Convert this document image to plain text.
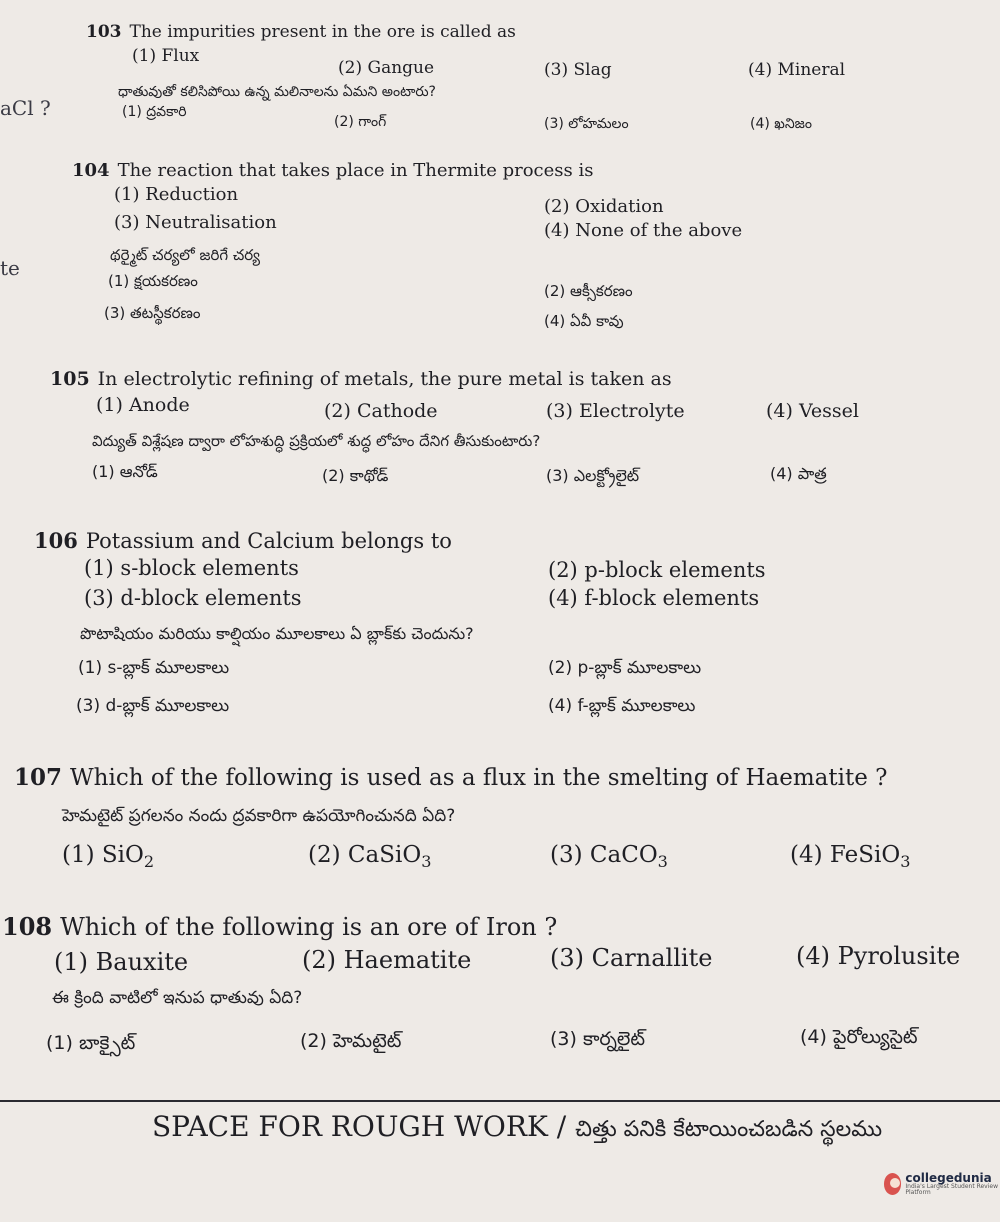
aCl ?
te
103 The impurities present in the ore is called as
(1) Flux
(2) Gangue	(3) Slag	(4) Mineral
ధాతువుతో కలిసిపోయి ఉన్న మలినాలను ఏమని అంటారు?
(1) ద్రవకారి
(2) గాంగ్	(3) లోహమలం	(4) ఖనిజం
104 The reaction that takes place in Thermite process is
(1) Reduction
(2) Oxidation
(3) Neutralisation	(4) None of the above
థర్మైట్ చర్యలో జరిగే చర్య
(1) క్షయకరణం
(2) ఆక్సీకరణం
(3) తటస్థీకరణం	(4) ఏవీ కావు
105 In electrolytic refining of metals, the pure metal is taken as
(1) Anode	(2) Cathode	(3) Electrolyte	(4) Vessel
విద్యుత్ విశ్లేషణ ద్వారా లోహశుద్ధి ప్రక్రియలో శుద్ధ లోహం దేనిగ తీసుకుంటారు?
(1) ఆనోడ్	(2) కాథోడ్	(3) ఎలక్ట్రోలైట్	(4) పాత్ర
106 Potassium and Calcium belongs to
(1) s-block elements	(2) p-block elements
(3) d-block elements	(4) f-block elements
పొటాషియం మరియు కాల్షియం మూలకాలు ఏ బ్లాక్‌కు చెందును?
(1) s-బ్లాక్ మూలకాలు	(2) p-బ్లాక్ మూలకాలు
(3) d-బ్లాక్ మూలకాలు	(4) f-బ్లాక్ మూలకాలు
107 Which of the following is used as a flux in the smelting of Haematite ?
హెమటైట్ ప్రగలనం నందు ద్రవకారిగా ఉపయోగించునది ఏది?
(1) SiO$_2$	(2) CaSiO$_3$	(3) CaCO$_3$	(4) FeSiO$_3$
108 Which of the following is an ore of Iron ?
(1) Bauxite	(2) Haematite	(3) Carnallite	(4) Pyrolusite
ఈ క్రింది వాటిలో ఇనుప ధాతువు ఏది?
(1) బాక్సైట్	(2) హెమటైట్	(3) కార్నలైట్	(4) పైరోల్యుసైట్
SPACE FOR ROUGH WORK / చిత్తు పనికి కేటాయించబడిన స్థలము
collegedunia
India's Largest Student Review Platform
